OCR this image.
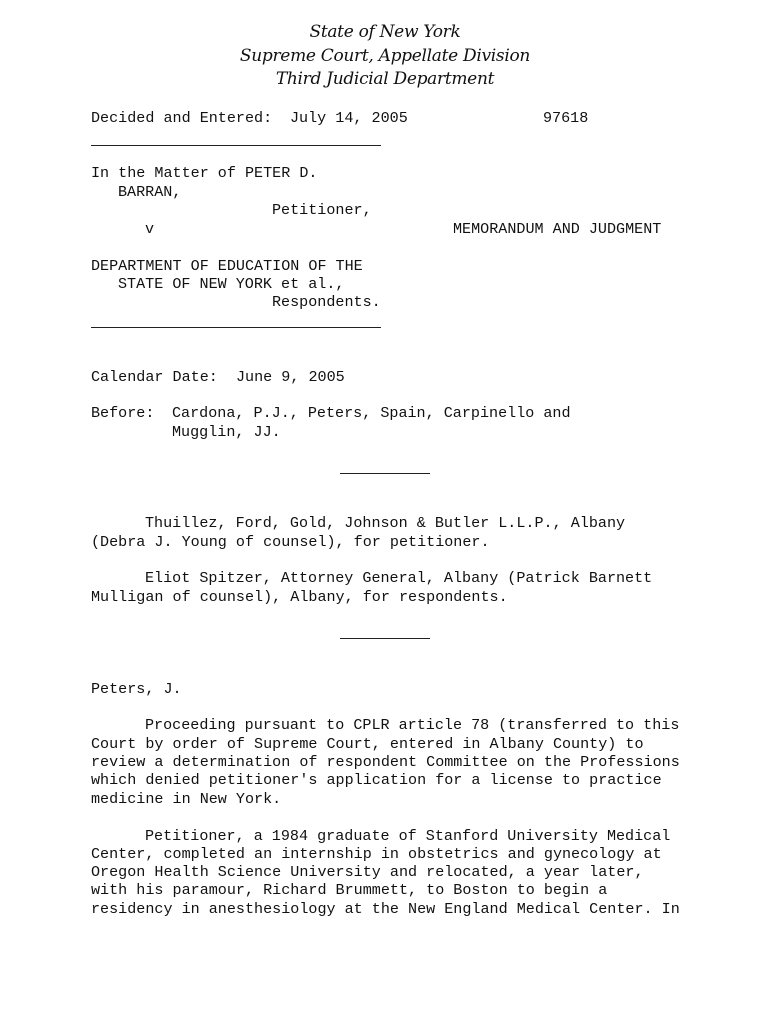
State of New York
Supreme Court, Appellate Division
Third Judicial Department
Decided and Entered: July 14, 2005	97618
In the Matter of PETER D.
BARRAN,
Petitioner,
v	MEMORANDUM AND JUDGMENT
DEPARTMENT OF EDUCATION OF THE
STATE OF NEW YORK et al.,
Respondents.
Calendar Date: June 9, 2005
Before: Cardona, P.J., Peters, Spain, Carpinello and
Mugglin, JJ.
Thuillez, Ford, Gold, Johnson & Butler L.L.P., Albany
(Debra J. Young of counsel), for petitioner.
Eliot Spitzer, Attorney General, Albany (Patrick Barnett
Mulligan of counsel), Albany, for respondents.
Peters, J.
Proceeding pursuant to CPLR article 78 (transferred to this
Court by order of Supreme Court, entered in Albany County) to
review a determination of respondent Committee on the Professions
which denied petitioner's application for a license to practice
medicine in New York.
Petitioner, a 1984 graduate of Stanford University Medical
Center, completed an internship in obstetrics and gynecology at
Oregon Health Science University and relocated, a year later,
with his paramour, Richard Brummett, to Boston to begin a
residency in anesthesiology at the New England Medical Center. In
